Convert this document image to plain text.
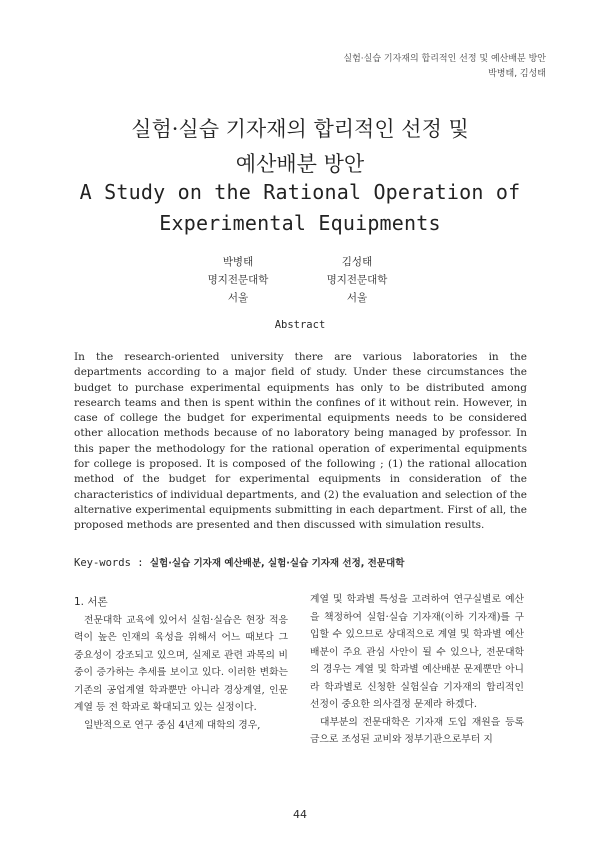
실험·실습 기자재의 합리적인 선정 및 예산배분 방안
박병태, 김성태
실험·실습 기자재의 합리적인 선정 및
예산배분 방안
A Study on the Rational Operation of
Experimental Equipments
박병태
명지전문대학
서울
김성태
명지전문대학
서울
Abstract
In the research-oriented university there are various laboratories in the departments according to a major field of study. Under these circumstances the budget to purchase experimental equipments has only to be distributed among research teams and then is spent within the confines of it without rein. However, in case of college the budget for experimental equipments needs to be considered other allocation methods because of no laboratory being managed by professor. In this paper the methodology for the rational operation of experimental equipments for college is proposed. It is composed of the following ; (1) the rational allocation method of the budget for experimental equipments in consideration of the characteristics of individual departments, and (2) the evaluation and selection of the alternative experimental equipments submitting in each department. First of all, the proposed methods are presented and then discussed with simulation results.
Key-words : 실험·실습 기자재 예산배분, 실험·실습 기자재 선정, 전문대학

1. 서론

전문대학 교육에 있어서 실험·실습은 현장 적응력이 높은 인재의 육성을 위해서 어느 때보다 그 중요성이 강조되고 있으며, 실제로 관련 과목의 비중이 증가하는 추세를 보이고 있다. 이러한 변화는 기존의 공업계열 학과뿐만 아니라 경상계열, 인문계열 등 전 학과로 확대되고 있는 실정이다.

일반적으로 연구 중심 4년제 대학의 경우,

계열 및 학과별 특성을 고려하여 연구실별로 예산을 책정하여 실험·실습 기자재(이하 기자재)를 구입할 수 있으므로 상대적으로 계열 및 학과별 예산배분이 주요 관심 사안이 될 수 있으나, 전문대학의 경우는 계열 및 학과별 예산배분 문제뿐만 아니라 학과별로 신청한 실험실습 기자재의 합리적인 선정이 중요한 의사결정 문제라 하겠다.

대부분의 전문대학은 기자재 도입 재원을 등록금으로 조성된 교비와 정부기관으로부터 지

44
